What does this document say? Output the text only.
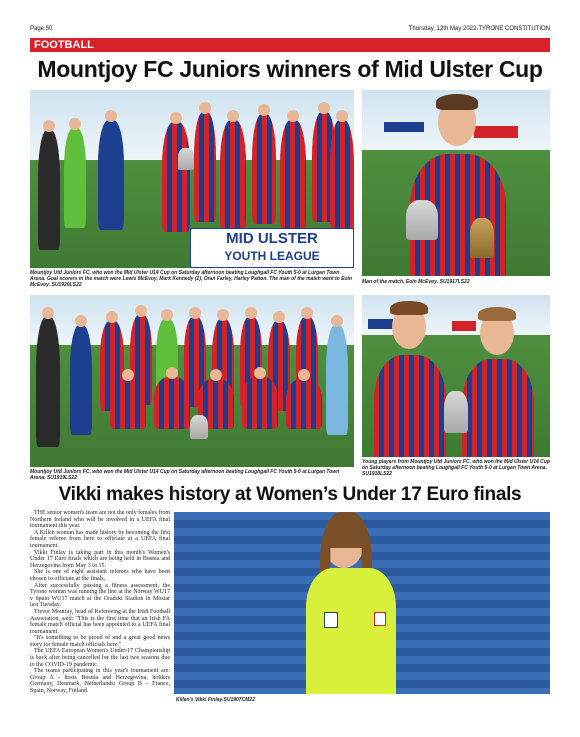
Page 50	Thursday, 12th May 2022-TYRONE CONSTITUTION
FOOTBALL
Mountjoy FC Juniors winners of Mid Ulster Cup
MID ULSTER
YOUTH LEAGUE
Mountjoy Utd Juniors FC, who won the Mid Ulster U14 Cup on Saturday afternoon beating Loughgall FC Youth 5-0 at Lurgan Town Arena. Goal scorers in the match were Lewis McEvoy, Mark Kennedy (2), Oran Farley, Harley Patton. The man of the match went to Eoin McEvoy. SU1920LS22	Man of the match, Eoin McEvoy. SU1917LS22
Mountjoy Utd Juniors FC, who won the Mid Ulster U14 Cup on Saturday afternoon beating Loughgall FC Youth 5-0 at Lurgan Town Arena. SU1919LS22
Young players from Mountjoy Utd Juniors FC, who won the Mid Ulster U14 Cup on Saturday afternoon beating Loughgall FC Youth 5-0 at Lurgan Town Arena. SU1918LS22
Vikki makes history at Women’s Under 17 Euro finals

THE senior women's team are not the only females from Northern Ireland who will be involved in a UEFA final tournament this year.

A Killen woman has made history by becoming the first female referee from here to officiate at a UEFA final tournament.

Vikki Finlay is taking part in this month's Women's Under 17 Euro finals which are being held in Bosnia and Herzegovina from May 3 to 15.

She is one of eight assistant referees who have been chosen to officiate at the finals.

After successfully passing a fitness assessment, the Tyrone woman was running the line at the Norway WU17 v Spain WU17 match at the Gradski Stadion in Mostar last Tuesday.

Trevor Moutray, head of Refereeing at the Irish Football Association, said: "This is the first time that an Irish FA female match official has been appointed to a UEFA final tournament.

"It's something to be proud of and a great good news story for female match officials here."

The UEFA European Women's Under-17 Championship is back after being cancelled for the last two seasons due to the COVID-19 pandemic.

The teams participating in this year's tournament are: Group A - hosts Bosnia and Herzegovina, holders Germany, Denmark, Netherlands; Group B – France, Spain, Norway, Finland.

Killen's Vikki Finlay.SU1907CM22
